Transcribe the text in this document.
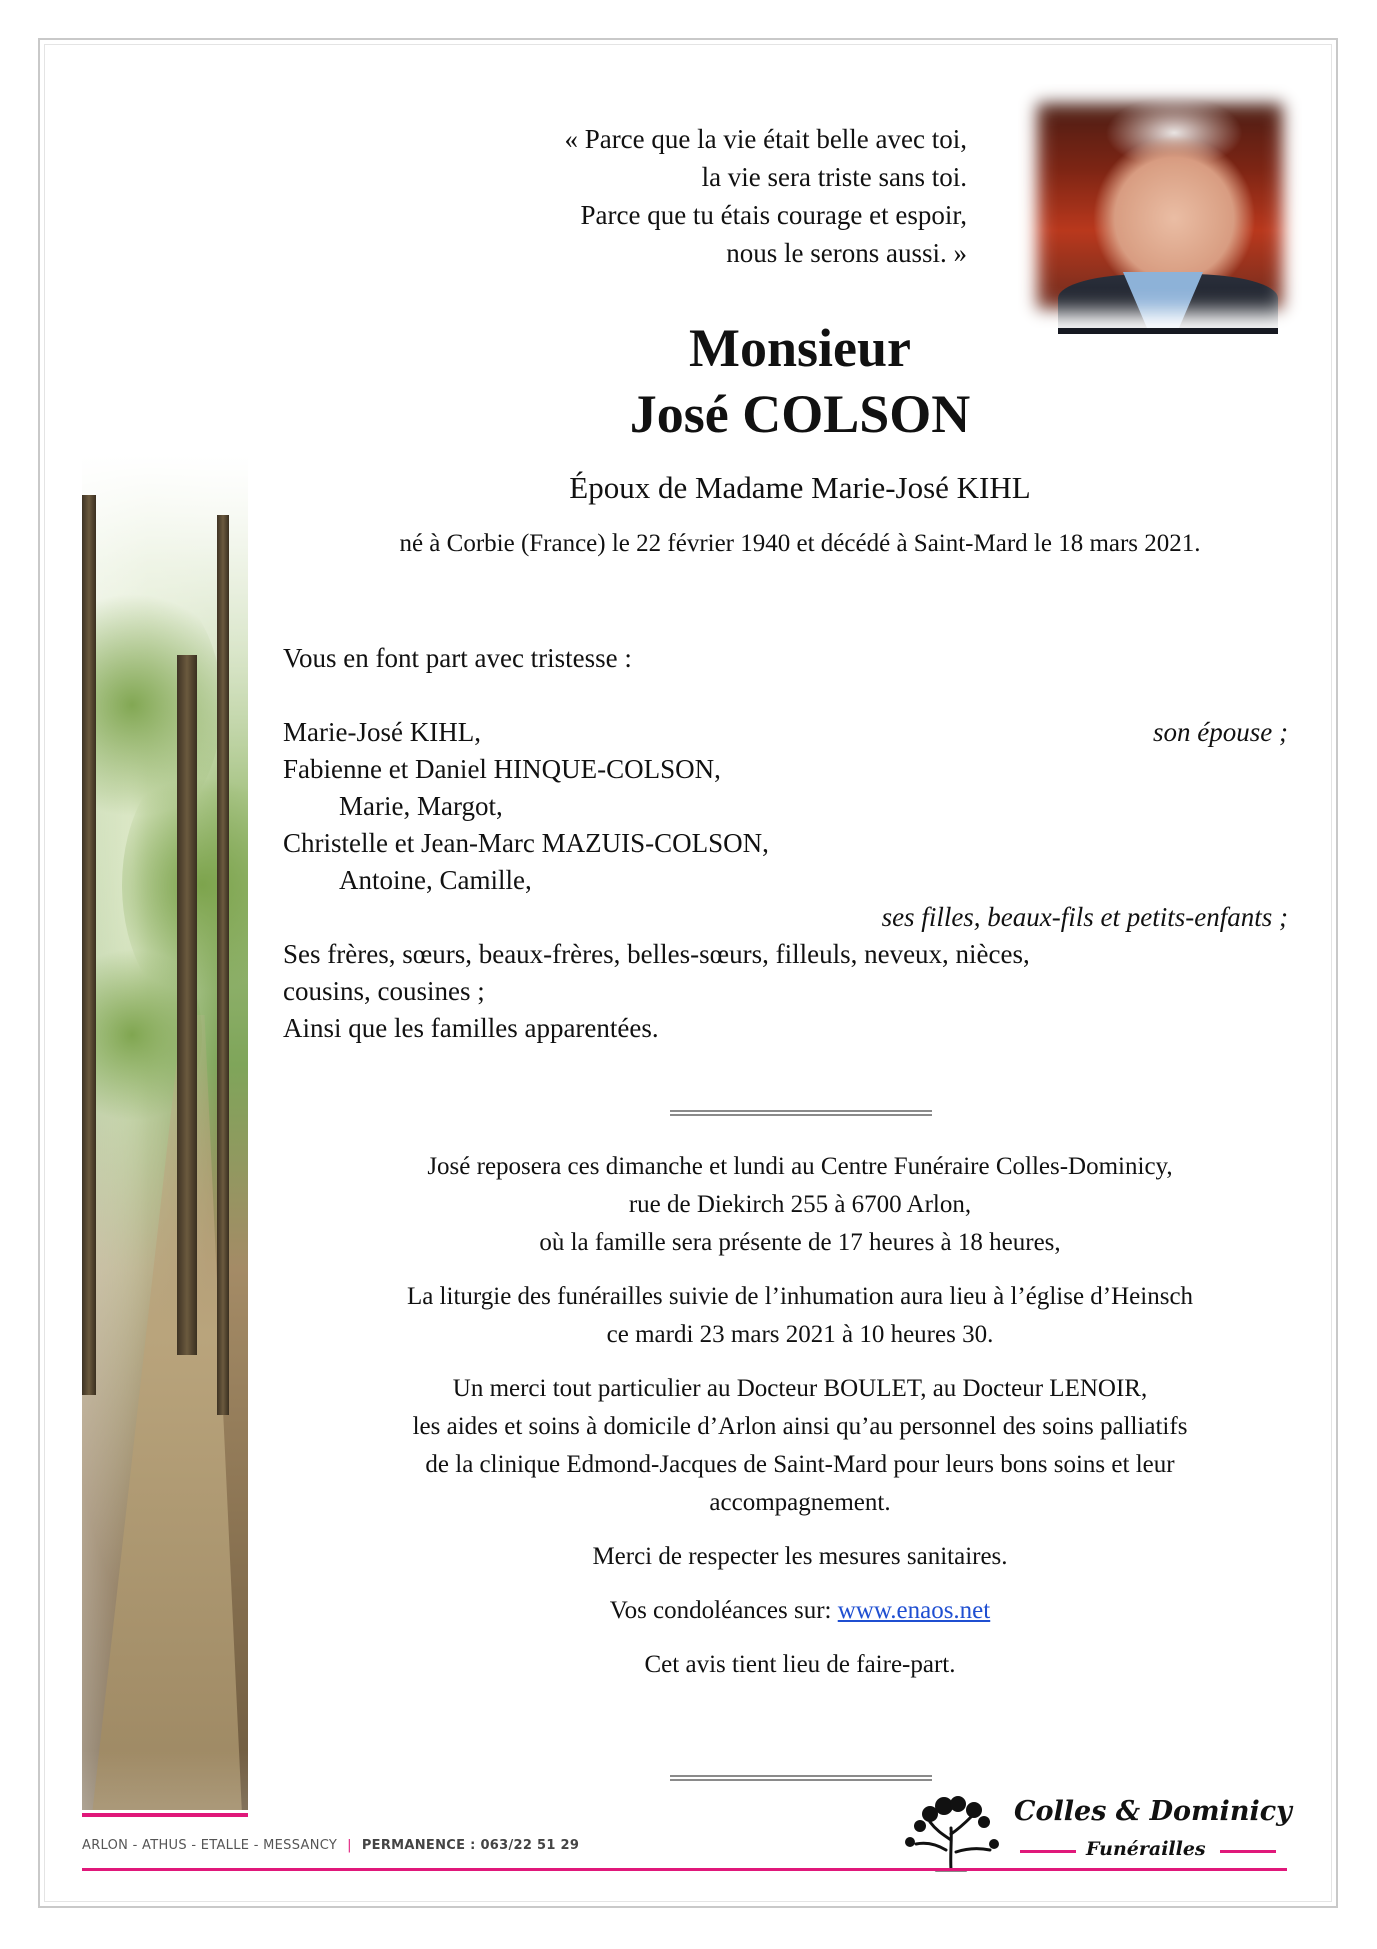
« Parce que la vie était belle avec toi,
la vie sera triste sans toi.
Parce que tu étais courage et espoir,
nous le serons aussi. »
Monsieur
José COLSON
Époux de Madame Marie-José KIHL
né à Corbie (France) le 22 février 1940 et décédé à Saint-Mard le 18 mars 2021.
Vous en font part avec tristesse :
Marie-José KIHL,	son épouse ;
Fabienne et Daniel HINQUE-COLSON,
Marie, Margot,
Christelle et Jean-Marc MAZUIS-COLSON,
Antoine, Camille,
ses filles, beaux-fils et petits-enfants ;
Ses frères, sœurs, beaux-frères, belles-sœurs, filleuls, neveux, nièces,
cousins, cousines ;
Ainsi que les familles apparentées.

José reposera ces dimanche et lundi au Centre Funéraire Colles-Dominicy,
rue de Diekirch 255 à 6700 Arlon,
où la famille sera présente de 17 heures à 18 heures,

La liturgie des funérailles suivie de l’inhumation aura lieu à l’église d’Heinsch
ce mardi 23 mars 2021 à 10 heures 30.

Un merci tout particulier au Docteur BOULET, au Docteur LENOIR,
les aides et soins à domicile d’Arlon ainsi qu’au personnel des soins palliatifs
de la clinique Edmond-Jacques de Saint-Mard pour leurs bons soins et leur
accompagnement.

Merci de respecter les mesures sanitaires.

Vos condoléances sur: www.enaos.net

Cet avis tient lieu de faire-part.

ARLON - ATHUS - ETALLE - MESSANCY | PERMANENCE : 063/22 51 29
Colles & Dominicy
Funérailles
